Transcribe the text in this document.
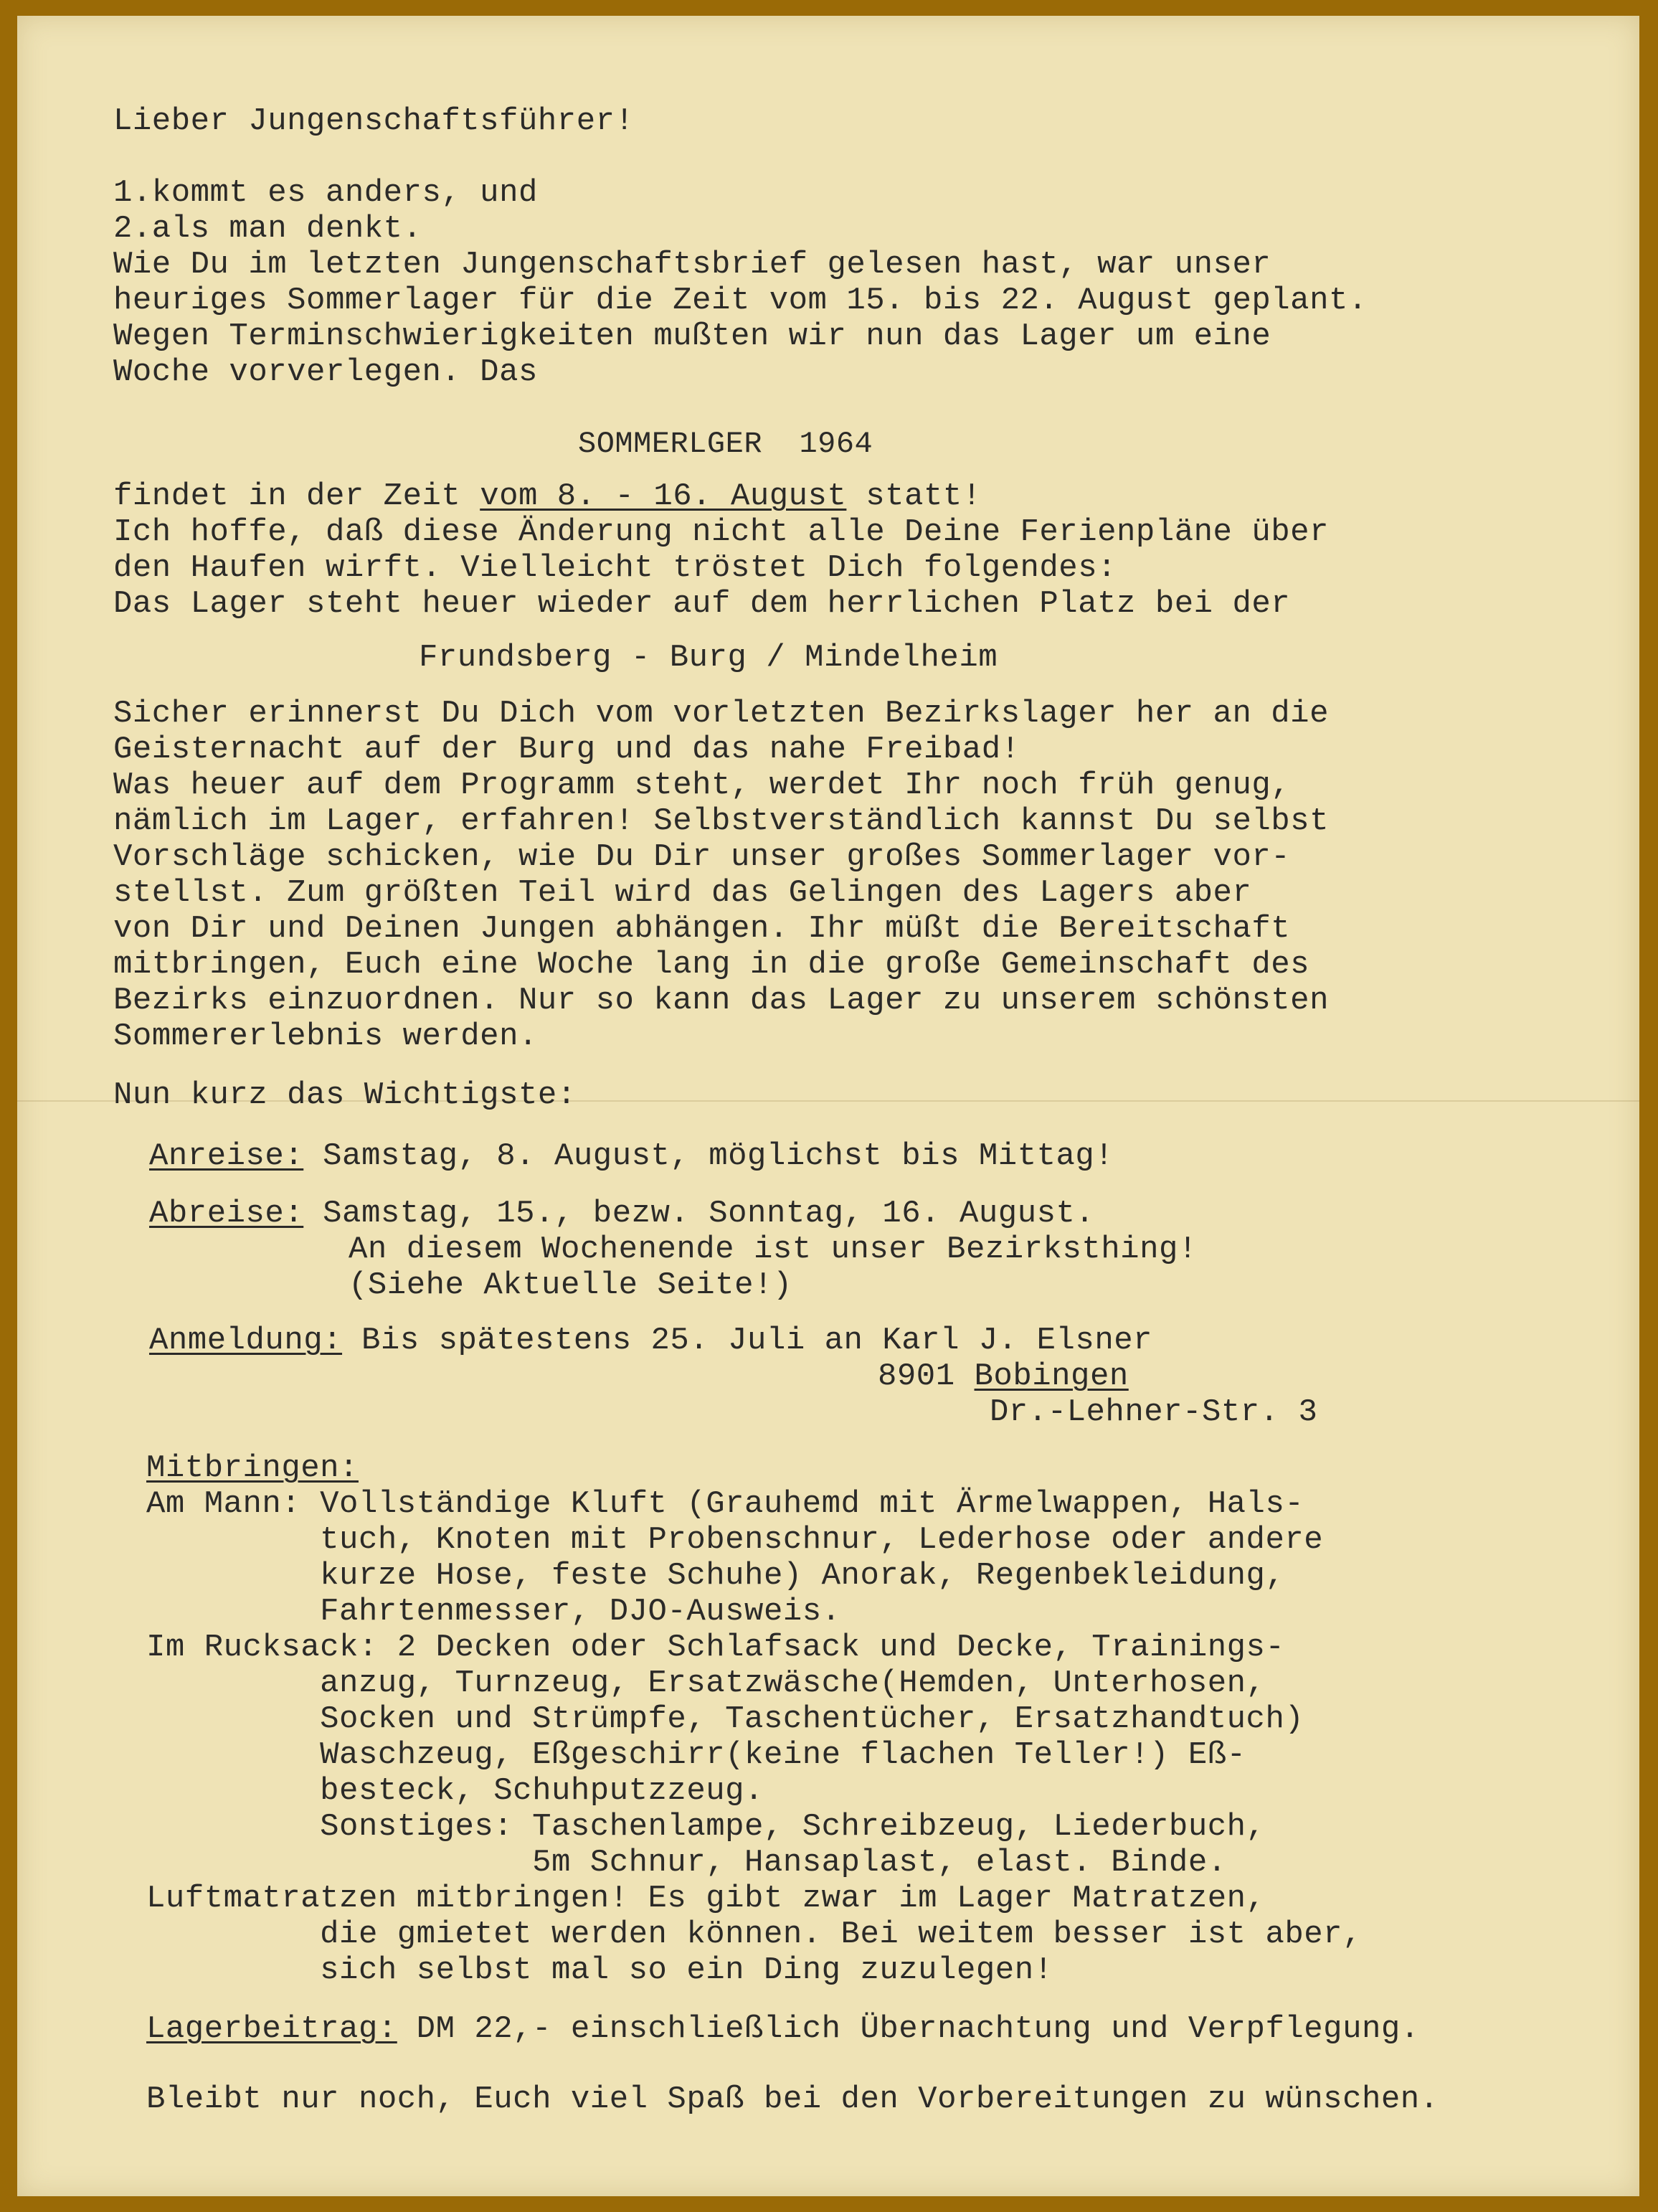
Lieber Jungenschaftsführer!
1.kommt es anders, und
2.als man denkt.
Wie Du im letzten Jungenschaftsbrief gelesen hast, war unser
heuriges Sommerlager für die Zeit vom 15. bis 22. August geplant.
Wegen Terminschwierigkeiten mußten wir nun das Lager um eine
Woche vorverlegen. Das
SOMMERLGER  1964
findet in der Zeit vom 8. - 16. August statt!
Ich hoffe, daß diese Änderung nicht alle Deine Ferienpläne über
den Haufen wirft. Vielleicht tröstet Dich folgendes:
Das Lager steht heuer wieder auf dem herrlichen Platz bei der
Frundsberg - Burg / Mindelheim
Sicher erinnerst Du Dich vom vorletzten Bezirkslager her an die
Geisternacht auf der Burg und das nahe Freibad!
Was heuer auf dem Programm steht, werdet Ihr noch früh genug,
nämlich im Lager, erfahren! Selbstverständlich kannst Du selbst
Vorschläge schicken, wie Du Dir unser großes Sommerlager vor-
stellst. Zum größten Teil wird das Gelingen des Lagers aber
von Dir und Deinen Jungen abhängen. Ihr müßt die Bereitschaft
mitbringen, Euch eine Woche lang in die große Gemeinschaft des
Bezirks einzuordnen. Nur so kann das Lager zu unserem schönsten
Sommererlebnis werden.
Nun kurz das Wichtigste:
Anreise: Samstag, 8. August, möglichst bis Mittag!
Abreise: Samstag, 15., bezw. Sonntag, 16. August.
An diesem Wochenende ist unser Bezirksthing!
(Siehe Aktuelle Seite!)
Anmeldung: Bis spätestens 25. Juli an Karl J. Elsner
8901 Bobingen
Dr.-Lehner-Str. 3
Mitbringen:
Am Mann: Vollständige Kluft (Grauhemd mit Ärmelwappen, Hals-
tuch, Knoten mit Probenschnur, Lederhose oder andere
kurze Hose, feste Schuhe) Anorak, Regenbekleidung,
Fahrtenmesser, DJO-Ausweis.
Im Rucksack: 2 Decken oder Schlafsack und Decke, Trainings-
anzug, Turnzeug, Ersatzwäsche(Hemden, Unterhosen,
Socken und Strümpfe, Taschentücher, Ersatzhandtuch)
Waschzeug, Eßgeschirr(keine flachen Teller!) Eß-
besteck, Schuhputzzeug.
Sonstiges: Taschenlampe, Schreibzeug, Liederbuch,
5m Schnur, Hansaplast, elast. Binde.
Luftmatratzen mitbringen! Es gibt zwar im Lager Matratzen,
die gmietet werden können. Bei weitem besser ist aber,
sich selbst mal so ein Ding zuzulegen!
Lagerbeitrag: DM 22,- einschließlich Übernachtung und Verpflegung.
Bleibt nur noch, Euch viel Spaß bei den Vorbereitungen zu wünschen.
